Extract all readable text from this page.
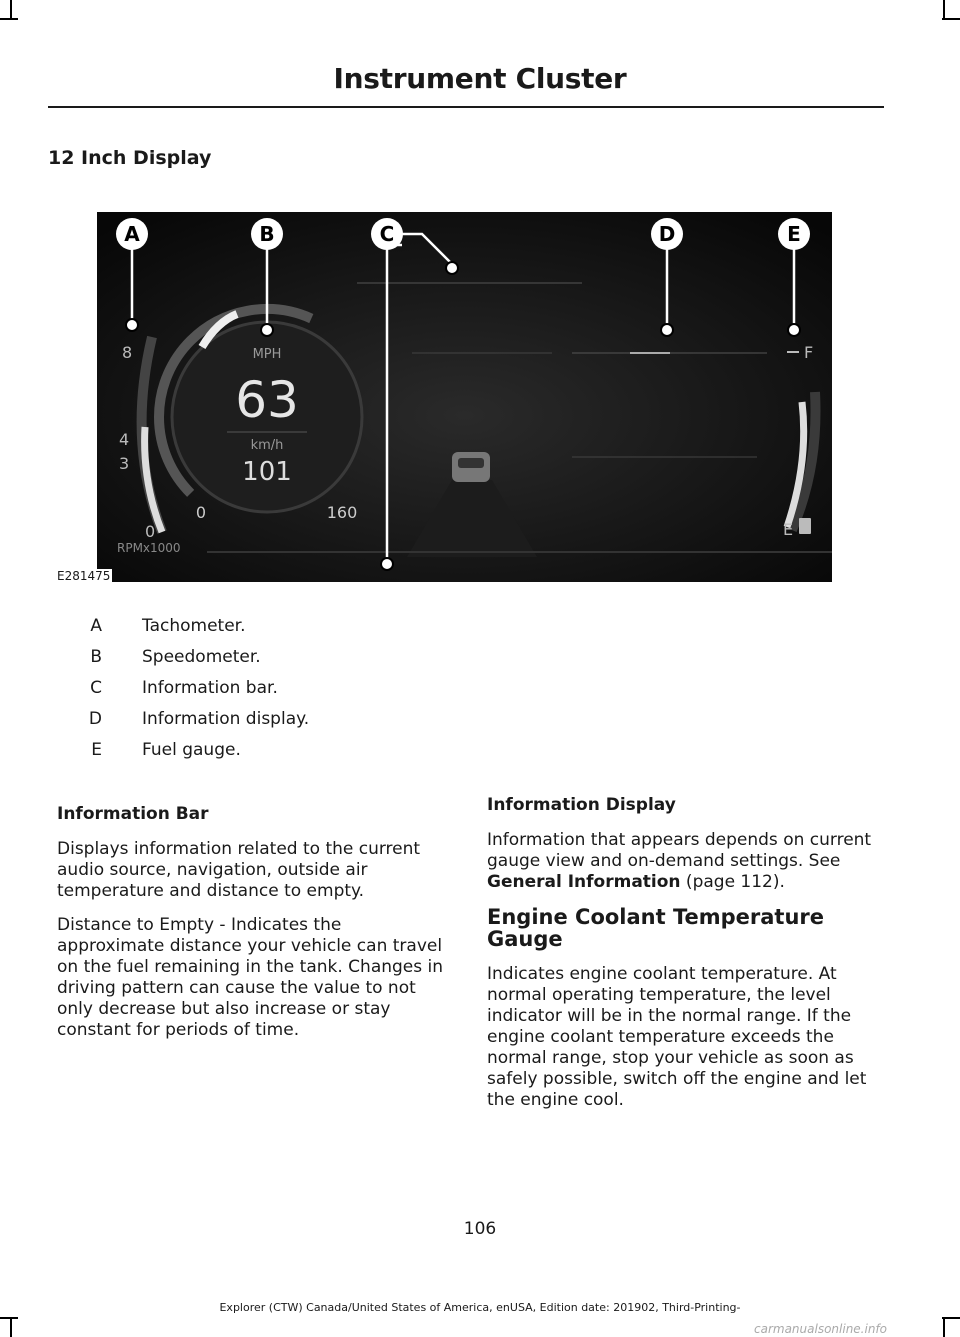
Instrument Cluster
12 Inch Display
8
4
3
0
RPMx1000
MPH
63
km/h
101
0	160
F
E
A	B	C	D	E
E281475
A Tachometer.
B Speedometer.
C Information bar.
D Information display.
E Fuel gauge.
Information Bar

Displays information related to the current audio source, navigation, outside air temperature and distance to empty.

Distance to Empty - Indicates the approximate distance your vehicle can travel on the fuel remaining in the tank. Changes in driving pattern can cause the value to not only decrease but also increase or stay constant for periods of time.

Information Display

Information that appears depends on current gauge view and on-demand settings. See General Information (page 112).

Engine Coolant Temperature Gauge

Indicates engine coolant temperature. At normal operating temperature, the level indicator will be in the normal range. If the engine coolant temperature exceeds the normal range, stop your vehicle as soon as safely possible, switch off the engine and let the engine cool.

106
Explorer (CTW) Canada/United States of America, enUSA, Edition date: 201902, Third-Printing-
carmanualsonline.info
